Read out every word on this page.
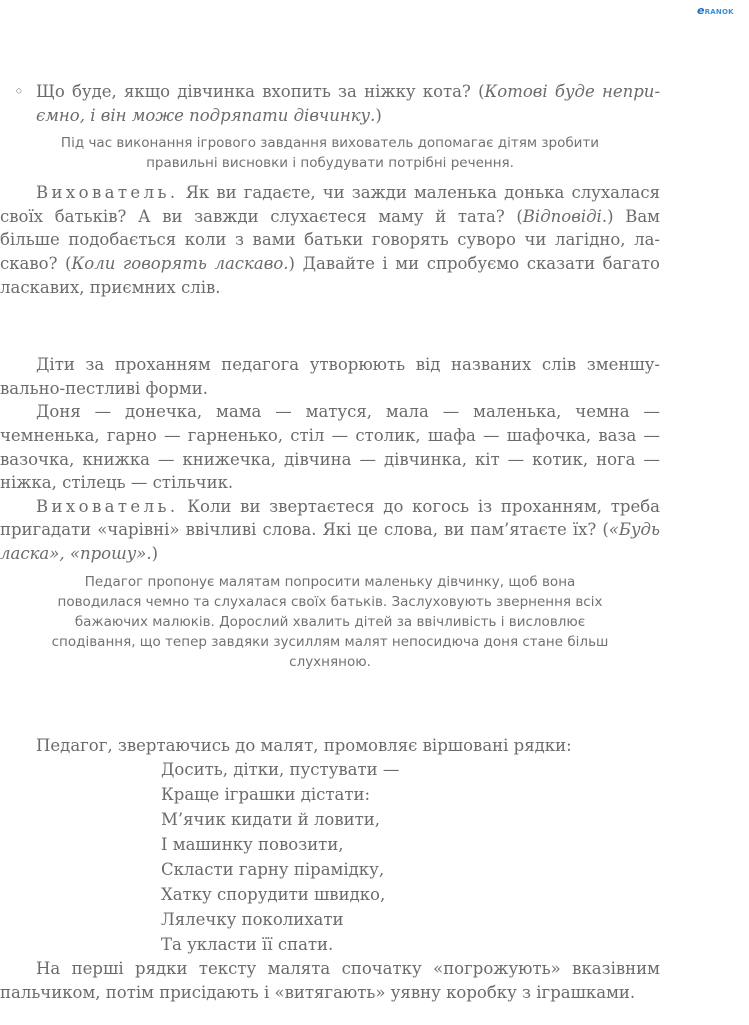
eRANOK

◦ Що буде, якщо дівчинка вхопить за ніжку кота? (Котові буде неприємно, і він може подряпати дівчинку.)

Під час виконання ігрового завдання вихователь допомагає дітям зробити правильні висновки і побудувати потрібні речення.

Вихователь. Як ви гадаєте, чи зажди маленька донька слухалася своїх батьків? А ви завжди слухаєтеся маму й тата? (Відповіді.) Вам більше подобається коли з вами батьки говорять суворо чи лагідно, ласкаво? (Коли говорять ласкаво.) Давайте і ми спробуємо сказати багато ласкавих, приємних слів.

Діти за проханням педагога утворюють від названих слів зменшувально-пестливі форми.

Доня — донечка, мама — матуся, мала — маленька, чемна — чемненька, гарно — гарненько, стіл — столик, шафа — шафочка, ваза — вазочка, книжка — книжечка, дівчина — дівчинка, кіт — котик, нога — ніжка, стілець — стільчик.

Вихователь. Коли ви звертаєтеся до когось із проханням, треба пригадати «чарівні» ввічливі слова. Які це слова, ви пам’ятаєте їх? («Будь ласка», «прошу».)

Педагог пропонує малятам попросити маленьку дівчинку, щоб вона поводилася чемно та слухалася своїх батьків. Заслуховують звернення всіх бажаючих малюків. Дорослий хвалить дітей за ввічливість і висловлює сподівання, що тепер завдяки зусиллям малят непосидюча доня стане більш слухняною.

Педагог, звертаючись до малят, промовляє віршовані рядки:

Досить, дітки, пустувати —
Краще іграшки дістати:
М’ячик кидати й ловити,
І машинку повозити,
Скласти гарну пірамідку,
Хатку спорудити швидко,
Лялечку поколихати
Та укласти її спати.

На перші рядки тексту малята спочатку «погрожують» вказівним пальчиком, потім присідають і «витягають» уявну коробку з іграшками.
